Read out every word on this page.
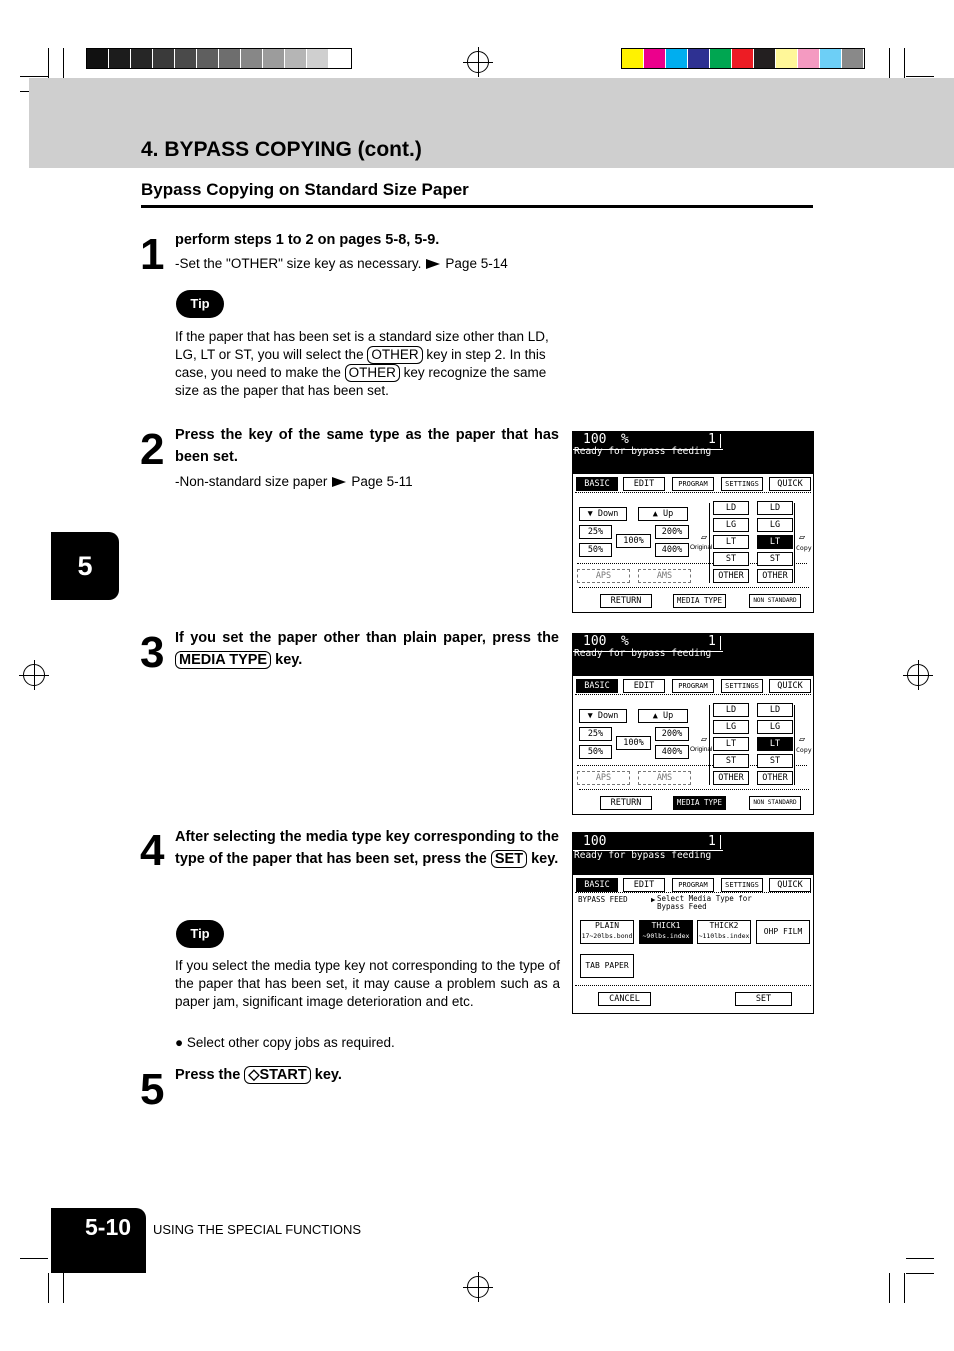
4. BYPASS COPYING (cont.)
Bypass Copying on Standard Size Paper
5
1 perform steps 1 to 2 on pages 5-8, 5-9.
-Set the "OTHER" size key as necessary. Page 5-14
Tip
If the paper that has been set is a standard size other than LD, LG, LT or ST, you will select the OTHER key in step 2. In this case, you need to make the OTHER key recognize the same size as the paper that has been set.
2 Press the key of the same type as the paper that has been set.
-Non-standard size paper Page 5-11
3 If you set the paper other than plain paper, press the MEDIA TYPE key.
4 After selecting the media type key corresponding to the type of the paper that has been set, press the SET key.
Tip
If you select the media type key not corresponding to the type of the paper that has been set, it may cause a problem such as a paper jam, significant image deterioration and etc.
● Select other copy jobs as required.
5 Press the ◇START key.
100 %	1
Ready for bypass feeding
BASIC	EDIT	PROGRAM	SETTINGS	QUICK
▼ Down	▲ Up
25%
100%
200%
50%	400%
APS	AMS
▱	▱
Original	Copy
RETURN	MEDIA TYPE	NON STANDARD
LD	LD
LG	LG
LT	LT
ST	ST
OTHER	OTHER
100 %	1
Ready for bypass feeding
BASIC	EDIT	PROGRAM	SETTINGS	QUICK
▼ Down	▲ Up
25%
100%
200%
50%	400%
APS	AMS
▱	▱
Original	Copy
RETURN	MEDIA TYPE	NON STANDARD
LD	LD
LG	LG
LT	LT
ST	ST
OTHER	OTHER
100	1
Ready for bypass feeding
BASIC	EDIT	PROGRAM	SETTINGS	QUICK
BYPASS FEED	▶ Select Media Type for
Bypass Feed
PLAIN
17~20lbs.bond
THICK1
~90lbs.index
THICK2
~110lbs.index	OHP FILM
TAB PAPER
CANCEL	SET
5-10	USING THE SPECIAL FUNCTIONS
